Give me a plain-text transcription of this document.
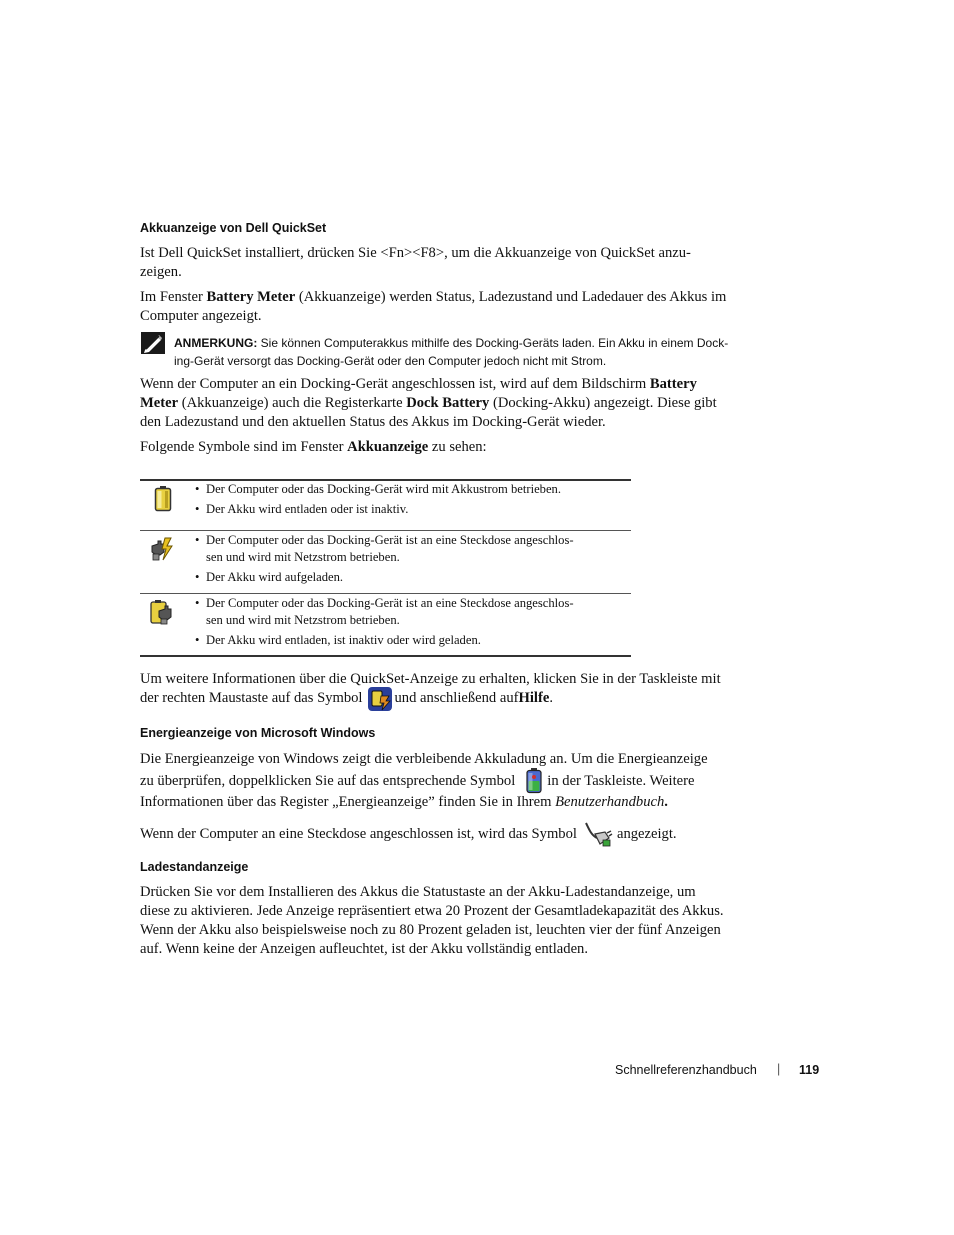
Akkuanzeige von Dell QuickSet
Ist Dell QuickSet installiert, drücken Sie <Fn><F8>, um die Akkuanzeige von QuickSet anzu-
zeigen.
Im Fenster Battery Meter (Akkuanzeige) werden Status, Ladezustand und Ladedauer des Akkus im
Computer angezeigt.
ANMERKUNG: Sie können Computerakkus mithilfe des Docking-Geräts laden. Ein Akku in einem Dock-
ing-Gerät versorgt das Docking-Gerät oder den Computer jedoch nicht mit Strom.
Wenn der Computer an ein Docking-Gerät angeschlossen ist, wird auf dem Bildschirm Battery
Meter (Akkuanzeige) auch die Registerkarte Dock Battery (Docking-Akku) angezeigt. Diese gibt
den Ladezustand und den aktuellen Status des Akkus im Docking-Gerät wieder.
Folgende Symbole sind im Fenster Akkuanzeige zu sehen:
• Der Computer oder das Docking-Gerät wird mit Akkustrom betrieben.
• Der Akku wird entladen oder ist inaktiv.
• Der Computer oder das Docking-Gerät ist an eine Steckdose angeschlos-
sen und wird mit Netzstrom betrieben.
• Der Akku wird aufgeladen.
• Der Computer oder das Docking-Gerät ist an eine Steckdose angeschlos-
sen und wird mit Netzstrom betrieben.
• Der Akku wird entladen, ist inaktiv oder wird geladen.
Um weitere Informationen über die QuickSet-Anzeige zu erhalten, klicken Sie in der Taskleiste mit
der rechten Maustaste auf das Symbol und anschließend auf Hilfe .
Energieanzeige von Microsoft Windows
Die Energieanzeige von Windows zeigt die verbleibende Akkuladung an. Um die Energieanzeige
zu überprüfen, doppelklicken Sie auf das entsprechende Symbol in der Taskleiste. Weitere
Informationen über das Register „Energieanzeige” finden Sie in Ihrem Benutzerhandbuch.
Wenn der Computer an eine Steckdose angeschlossen ist, wird das Symbol	angezeigt.
Ladestandanzeige
Drücken Sie vor dem Installieren des Akkus die Statustaste an der Akku-Ladestandanzeige, um
diese zu aktivieren. Jede Anzeige repräsentiert etwa 20 Prozent der Gesamtladekapazität des Akkus.
Wenn der Akku also beispielsweise noch zu 80 Prozent geladen ist, leuchten vier der fünf Anzeigen
auf. Wenn keine der Anzeigen aufleuchtet, ist der Akku vollständig entladen.
Schnellreferenzhandbuch | 119
